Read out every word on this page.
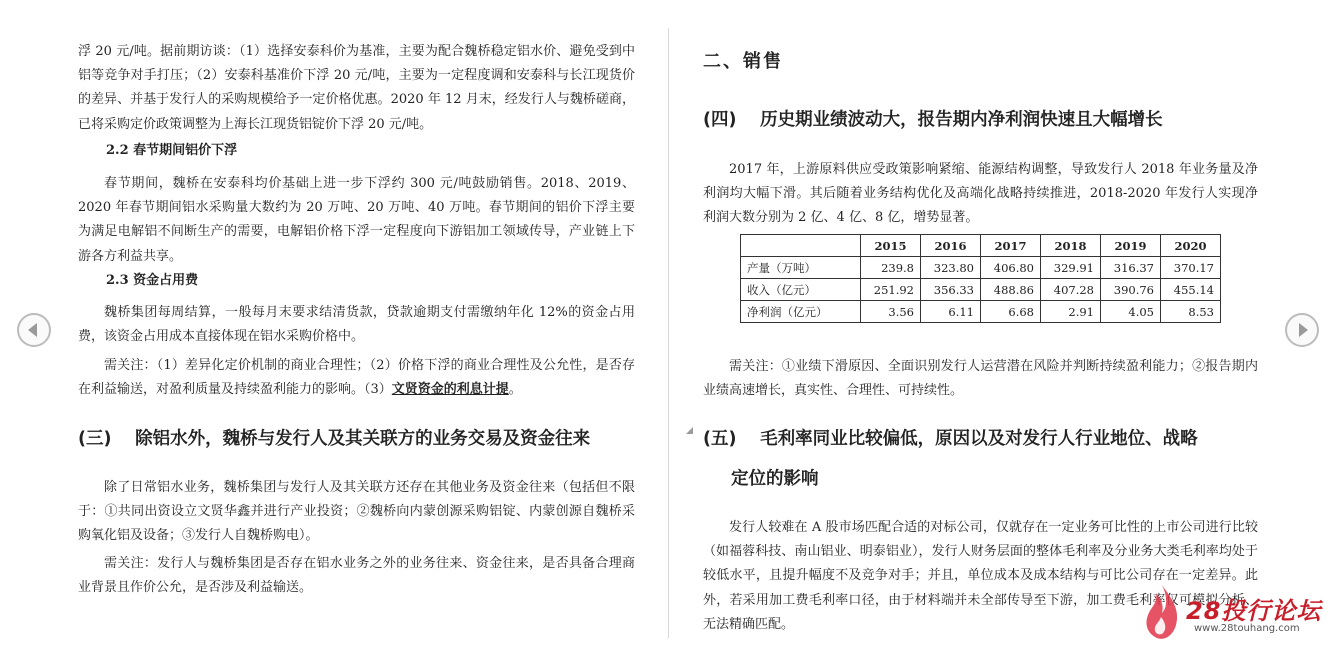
浮 20 元/吨。据前期访谈：（1）选择安泰科价为基准，主要为配合魏桥稳定铝水价、避免受到中铝等竞争对手打压；（2）安泰科基准价下浮 20 元/吨，主要为一定程度调和安泰科与长江现货价的差异、并基于发行人的采购规模给予一定价格优惠。2020 年 12 月末，经发行人与魏桥磋商，已将采购定价政策调整为上海长江现货铝锭价下浮 20 元/吨。

2.2 春节期间铝价下浮

春节期间，魏桥在安泰科均价基础上进一步下浮约 300 元/吨鼓励销售。2018、2019、2020 年春节期间铝水采购量大数约为 20 万吨、20 万吨、40 万吨。春节期间的铝价下浮主要为满足电解铝不间断生产的需要，电解铝价格下浮一定程度向下游铝加工领域传导，产业链上下游各方利益共享。

2.3 资金占用费

魏桥集团每周结算，一般每月末要求结清货款，贷款逾期支付需缴纳年化 12%的资金占用费，该资金占用成本直接体现在铝水采购价格中。

需关注：（1）差异化定价机制的商业合理性；（2）价格下浮的商业合理性及公允性，是否存在利益输送，对盈利质量及持续盈利能力的影响。（3）文贤资金的利息计提。

(三)　 除铝水外，魏桥与发行人及其关联方的业务交易及资金往来

除了日常铝水业务，魏桥集团与发行人及其关联方还存在其他业务及资金往来（包括但不限于：①共同出资设立文贤华鑫并进行产业投资；②魏桥向内蒙创源采购铝锭、内蒙创源自魏桥采购氧化铝及设备；③发行人自魏桥购电）。

需关注：发行人与魏桥集团是否存在铝水业务之外的业务往来、资金往来，是否具备合理商业背景且作价公允，是否涉及利益输送。

二、销售
(四)　 历史期业绩波动大，报告期内净利润快速且大幅增长

2017 年，上游原料供应受政策影响紧缩、能源结构调整，导致发行人 2018 年业务量及净利润均大幅下滑。其后随着业务结构优化及高端化战略持续推进，2018-2020 年发行人实现净利润大数分别为 2 亿、4 亿、8 亿，增势显著。

	2015	2016	2017	2018	2019	2020
产量（万吨）	239.8	323.80	406.80	329.91	316.37	370.17
收入（亿元）	251.92	356.33	488.86	407.28	390.76	455.14
净利润（亿元）	3.56	6.11	6.68	2.91	4.05	8.53

需关注：①业绩下滑原因、全面识别发行人运营潜在风险并判断持续盈利能力；②报告期内业绩高速增长，真实性、合理性、可持续性。

(五)　 毛利率同业比较偏低，原因以及对发行人行业地位、战略
定位的影响

发行人较难在 A 股市场匹配合适的对标公司，仅就存在一定业务可比性的上市公司进行比较（如福蓉科技、南山铝业、明泰铝业），发行人财务层面的整体毛利率及分业务大类毛利率均处于较低水平，且提升幅度不及竞争对手；并且，单位成本及成本结构与可比公司存在一定差异。此外，若采用加工费毛利率口径，由于材料端并未全部传导至下游，加工费毛利率仅可模拟分析、无法精确匹配。	28投行论坛
www.28touhang.com
